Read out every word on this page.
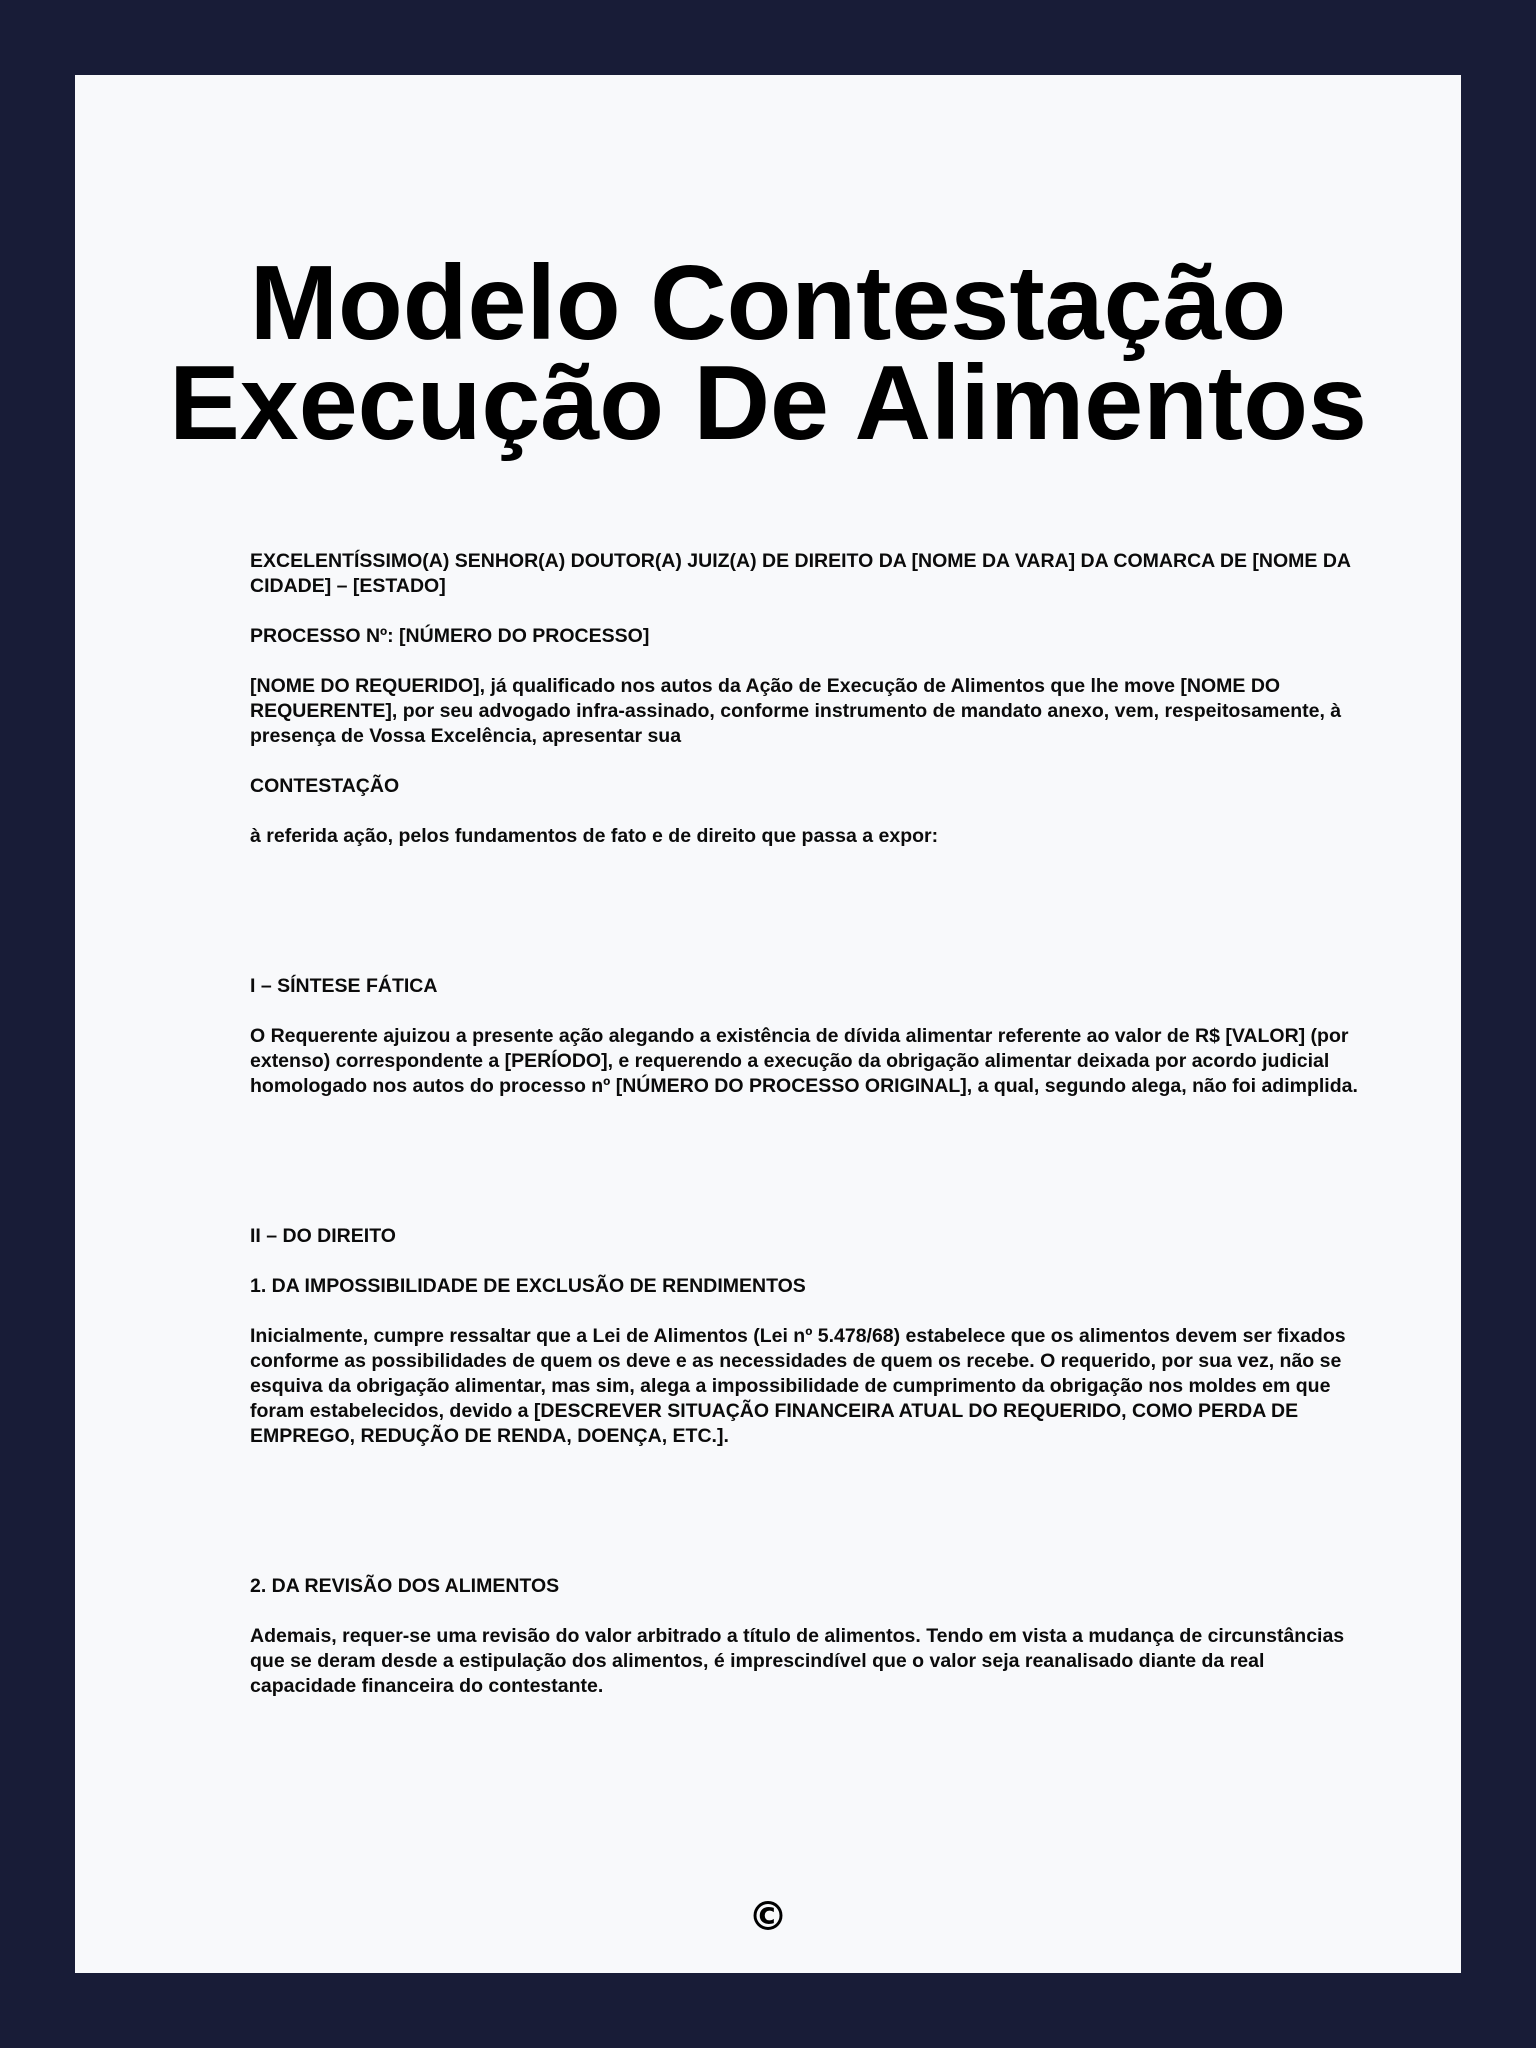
Modelo Contestação
Execução De Alimentos

EXCELENTÍSSIMO(A) SENHOR(A) DOUTOR(A) JUIZ(A) DE DIREITO DA [NOME DA VARA] DA COMARCA DE [NOME DA CIDADE] – [ESTADO]

PROCESSO Nº: [NÚMERO DO PROCESSO]

[NOME DO REQUERIDO], já qualificado nos autos da Ação de Execução de Alimentos que lhe move [NOME DO REQUERENTE], por seu advogado infra-assinado, conforme instrumento de mandato anexo, vem, respeitosamente, à presença de Vossa Excelência, apresentar sua

CONTESTAÇÃO

à referida ação, pelos fundamentos de fato e de direito que passa a expor:

I – SÍNTESE FÁTICA

O Requerente ajuizou a presente ação alegando a existência de dívida alimentar referente ao valor de R$ [VALOR] (por extenso) correspondente a [PERÍODO], e requerendo a execução da obrigação alimentar deixada por acordo judicial homologado nos autos do processo nº [NÚMERO DO PROCESSO ORIGINAL], a qual, segundo alega, não foi adimplida.

II – DO DIREITO

1. DA IMPOSSIBILIDADE DE EXCLUSÃO DE RENDIMENTOS

Inicialmente, cumpre ressaltar que a Lei de Alimentos (Lei nº 5.478/68) estabelece que os alimentos devem ser fixados conforme as possibilidades de quem os deve e as necessidades de quem os recebe. O requerido, por sua vez, não se esquiva da obrigação alimentar, mas sim, alega a impossibilidade de cumprimento da obrigação nos moldes em que foram estabelecidos, devido a [DESCREVER SITUAÇÃO FINANCEIRA ATUAL DO REQUERIDO, COMO PERDA DE EMPREGO, REDUÇÃO DE RENDA, DOENÇA, ETC.].

2. DA REVISÃO DOS ALIMENTOS

Ademais, requer-se uma revisão do valor arbitrado a título de alimentos. Tendo em vista a mudança de circunstâncias que se deram desde a estipulação dos alimentos, é imprescindível que o valor seja reanalisado diante da real capacidade financeira do contestante.

©
